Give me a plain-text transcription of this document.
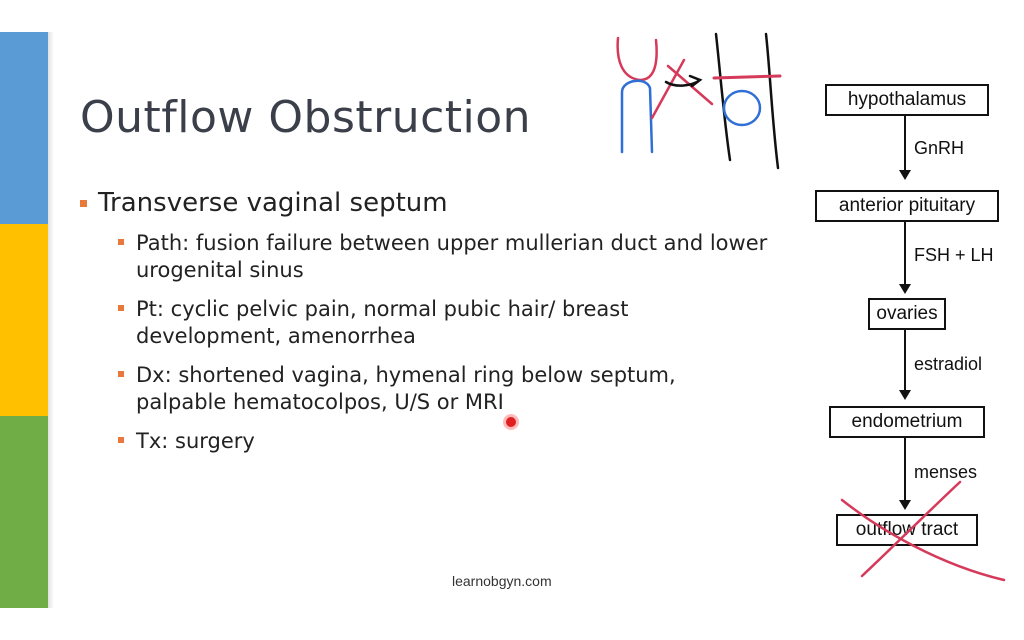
Outflow Obstruction
Transverse vaginal septum
Path: fusion failure between upper mullerian duct and lower urogenital sinus
Pt: cyclic pelvic pain, normal pubic hair/ breast development, amenorrhea
Dx: shortened vagina, hymenal ring below septum, palpable hematocolpos, U/S or MRI
Tx: surgery
hypothalamus
GnRH
anterior pituitary
FSH + LH
ovaries
estradiol
endometrium
menses
outflow tract
learnobgyn.com
